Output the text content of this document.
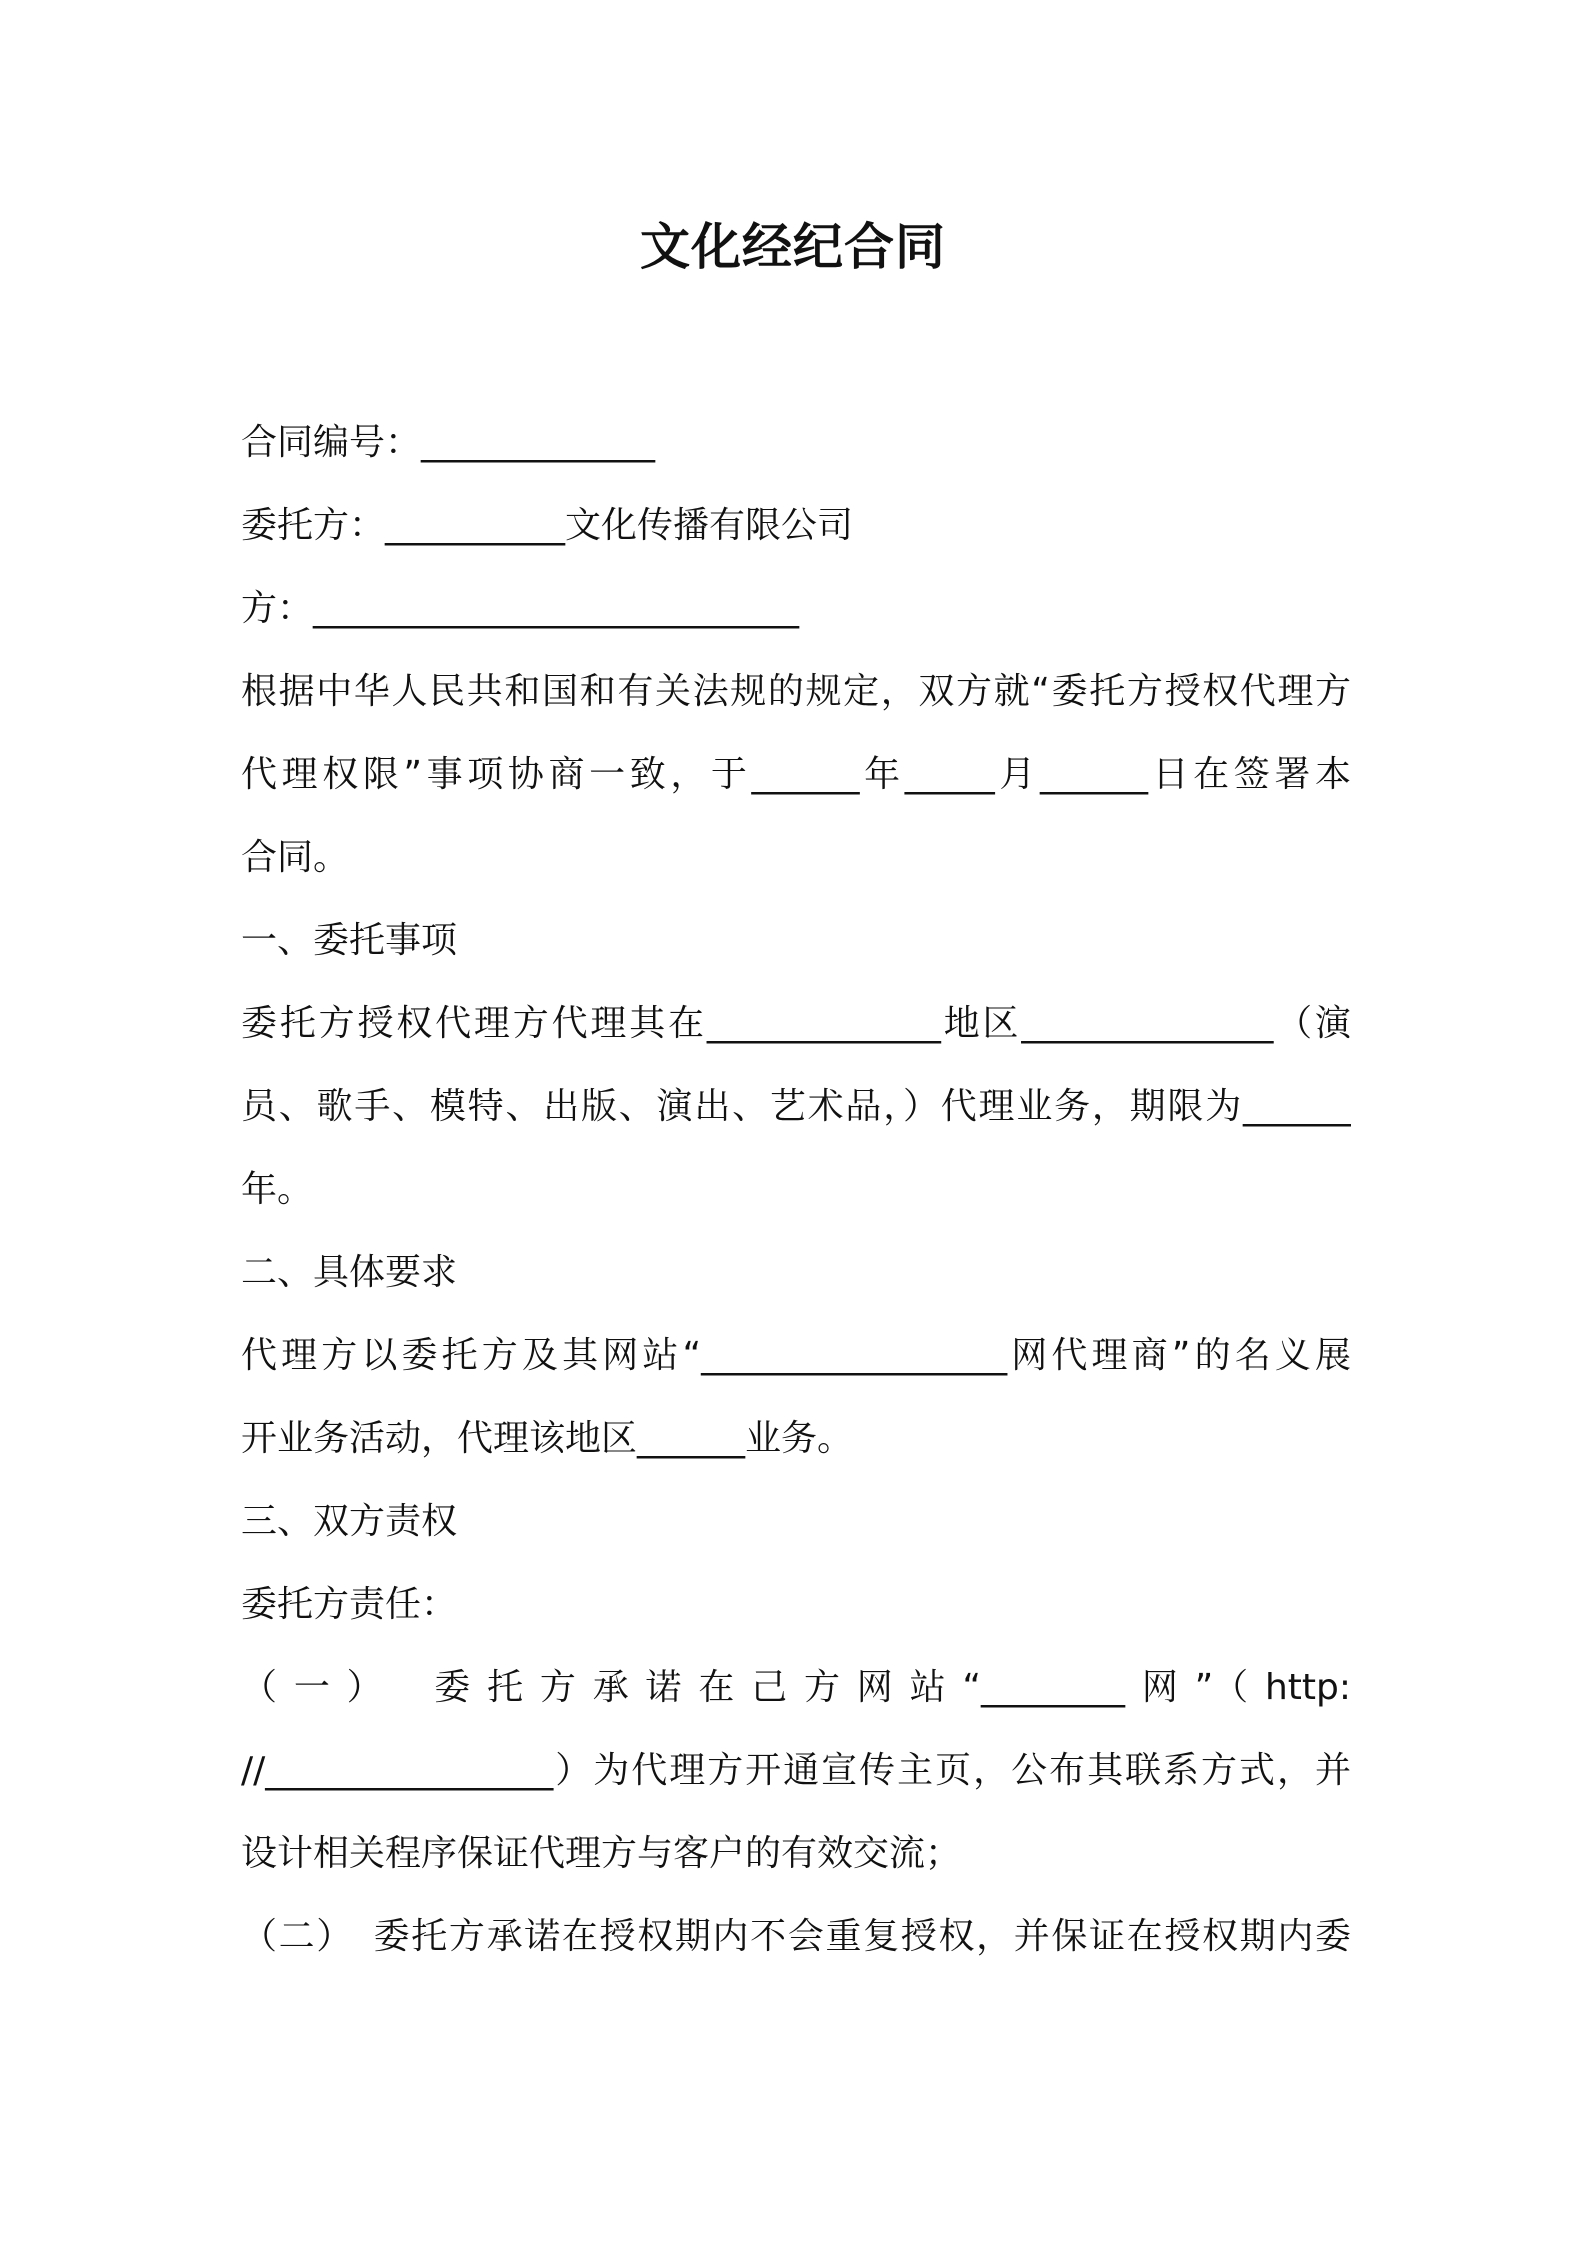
文化经纪合同
合同编号：_____________
委托方：__________文化传播有限公司
方：___________________________
根据中华人民共和国和有关法规的规定，双方就“委托方授权代理方
代理权限”事项协商一致，于______年_____月______日在签署本
合同。
一、委托事项
委托方授权代理方代理其在_____________地区______________（演
员、歌手、模特、出版、演出、艺术品，）代理业务，期限为______
年。
二、具体要求
代理方以委托方及其网站“_________________网代理商”的名义展
开业务活动，代理该地区______业务。
三、双方责权
委托方责任：
（一）　委托方承诺在己方网站“________网”（http:
//________________）为代理方开通宣传主页，公布其联系方式，并
设计相关程序保证代理方与客户的有效交流；
（二）　委托方承诺在授权期内不会重复授权，并保证在授权期内委
